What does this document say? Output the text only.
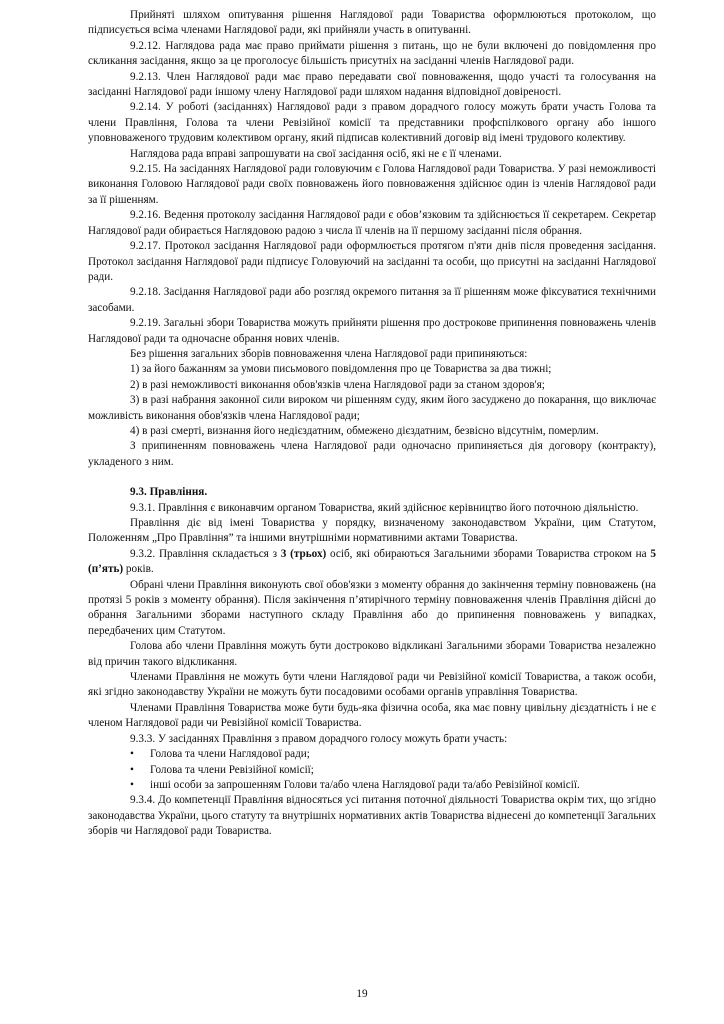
Прийняті шляхом опитування рішення Наглядової ради Товариства оформлюються протоколом, що підписується всіма членами Наглядової ради, які прийняли участь в опитуванні.

9.2.12. Наглядова рада має право приймати рішення з питань, що не були включені до повідомлення про скликання засідання, якщо за це проголосує більшість присутніх на засіданні членів Наглядової ради.

9.2.13. Член Наглядової ради має право передавати свої повноваження, щодо участі та голосування на засіданні Наглядової ради іншому члену Наглядової ради шляхом надання відповідної довіреності.

9.2.14. У роботі (засіданнях) Наглядової ради з правом дорадчого голосу можуть брати участь Голова та члени Правління, Голова та члени Ревізійної комісії та представники профспілкового органу або іншого уповноваженого трудовим колективом органу, який підписав колективний договір від імені трудового колективу.

Наглядова рада вправі запрошувати на свої засідання осіб, які не є її членами.

9.2.15. На засіданнях Наглядової ради головуючим є Голова Наглядової ради Товариства. У разі неможливості виконання Головою Наглядової ради своїх повноважень його повноваження здійснює один із членів Наглядової ради за її рішенням.

9.2.16. Ведення протоколу засідання Наглядової ради є обов’язковим та здійснюється її секретарем. Секретар Наглядової ради обирається Наглядовою радою з числа її членів на її першому засіданні після обрання.

9.2.17. Протокол засідання Наглядової ради оформлюється протягом п'яти днів після проведення засідання. Протокол засідання Наглядової ради підписує Головуючий на засіданні та особи, що присутні на засіданні Наглядової ради.

9.2.18. Засідання Наглядової ради або розгляд окремого питання за її рішенням може фіксуватися технічними засобами.

9.2.19. Загальні збори Товариства можуть прийняти рішення про дострокове припинення повноважень членів Наглядової ради та одночасне обрання нових членів.

Без рішення загальних зборів повноваження члена Наглядової ради припиняються:

1) за його бажанням за умови письмового повідомлення про це Товариства за два тижні;

2) в разі неможливості виконання обов'язків члена Наглядової ради за станом здоров'я;

3) в разі набрання законної сили вироком чи рішенням суду, яким його засуджено до покарання, що виключає можливість виконання обов'язків члена Наглядової ради;

4) в разі смерті, визнання його недієздатним, обмежено дієздатним, безвісно відсутнім, померлим.

З припиненням повноважень члена Наглядової ради одночасно припиняється дія договору (контракту), укладеного з ним.

9.3. Правління.

9.3.1. Правління є виконавчим органом Товариства, який здійснює керівництво його поточною діяльністю.

Правління діє від імені Товариства у порядку, визначеному законодавством України, цим Статутом, Положенням „Про Правління” та іншими внутрішніми нормативними актами Товариства.

9.3.2. Правління складається з 3 (трьох) осіб, які обираються Загальними зборами Товариства строком на 5 (п’ять) років.

Обрані члени Правління виконують свої обов'язки з моменту обрання до закінчення терміну повноважень (на протязі 5 років з моменту обрання). Після закінчення п’ятирічного терміну повноваження членів Правління дійсні до обрання Загальними зборами наступного складу Правління або до припинення повноважень у випадках, передбачених цим Статутом.

Голова або члени Правління можуть бути достроково відкликані Загальними зборами Товариства незалежно від причин такого відкликання.

Членами Правління не можуть бути члени Наглядової ради чи Ревізійної комісії Товариства, а також особи, які згідно законодавству України не можуть бути посадовими особами органів управління Товариства.

Членами Правління Товариства може бути будь-яка фізична особа, яка має повну цивільну дієздатність і не є членом Наглядової ради чи Ревізійної комісії Товариства.

9.3.3. У засіданнях Правління з правом дорадчого голосу можуть брати участь:

• Голова та члени Наглядової ради;
• Голова та члени Ревізійної комісії;
• інші особи за запрошенням Голови та/або члена Наглядової ради та/або Ревізійної комісії.

9.3.4. До компетенції Правління відносяться усі питання поточної діяльності Товариства окрім тих, що згідно законодавства України, цього статуту та внутрішніх нормативних актів Товариства віднесені до компетенції Загальних зборів чи Наглядової ради Товариства.

19
